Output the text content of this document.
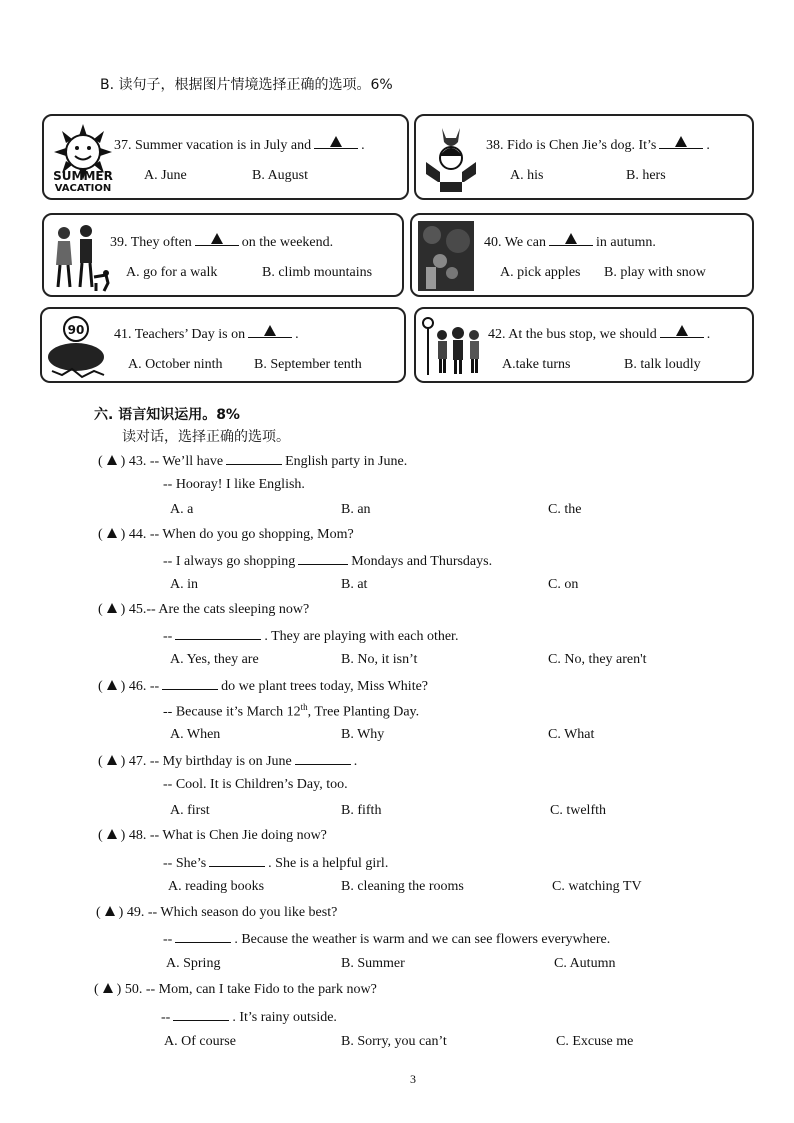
B. 读句子，根据图片情境选择正确的选项。6%
SUMMER
VACATION
37. Summer vacation is in July and	.
A. June	B. August
38. Fido is Chen Jie’s dog. It’s	.
A. his	B. hers
39. They often	on the weekend.
A. go for a walk	B. climb mountains
40. We can	in autumn.
A. pick apples B. play with snow
90 41. Teachers’ Day is on	.
A. October ninth B. September tenth
42. At the bus stop, we should	.
A.take turns	B. talk loudly
六. 语言知识运用。8%
读对话，选择正确的选项。
( ) 43. -- We’ll have	English party in June.
-- Hooray! I like English.
A. a	B. an	C. the
( ) 44. -- When do you go shopping, Mom?
-- I always go shopping	Mondays and Thursdays.
A. in	B. at	C. on
( ) 45.-- Are the cats sleeping now?
--	. They are playing with each other.
A. Yes, they are	B. No, it isn’t	C. No, they aren't
( ) 46. --	do we plant trees today, Miss White?
-- Because it’s March 12th, Tree Planting Day.
A. When	B. Why	C. What
( ) 47. -- My birthday is on June	.
-- Cool. It is Children’s Day, too.
A. first	B. fifth	C. twelfth
( ) 48. -- What is Chen Jie doing now?
-- She’s	. She is a helpful girl.
A. reading books	B. cleaning the rooms	C. watching TV
( ) 49. -- Which season do you like best?
--	. Because the weather is warm and we can see flowers everywhere.
A. Spring	B. Summer	C. Autumn
( ) 50. -- Mom, can I take Fido to the park now?
--	. It’s rainy outside.
A. Of course	B. Sorry, you can’t	C. Excuse me
3
